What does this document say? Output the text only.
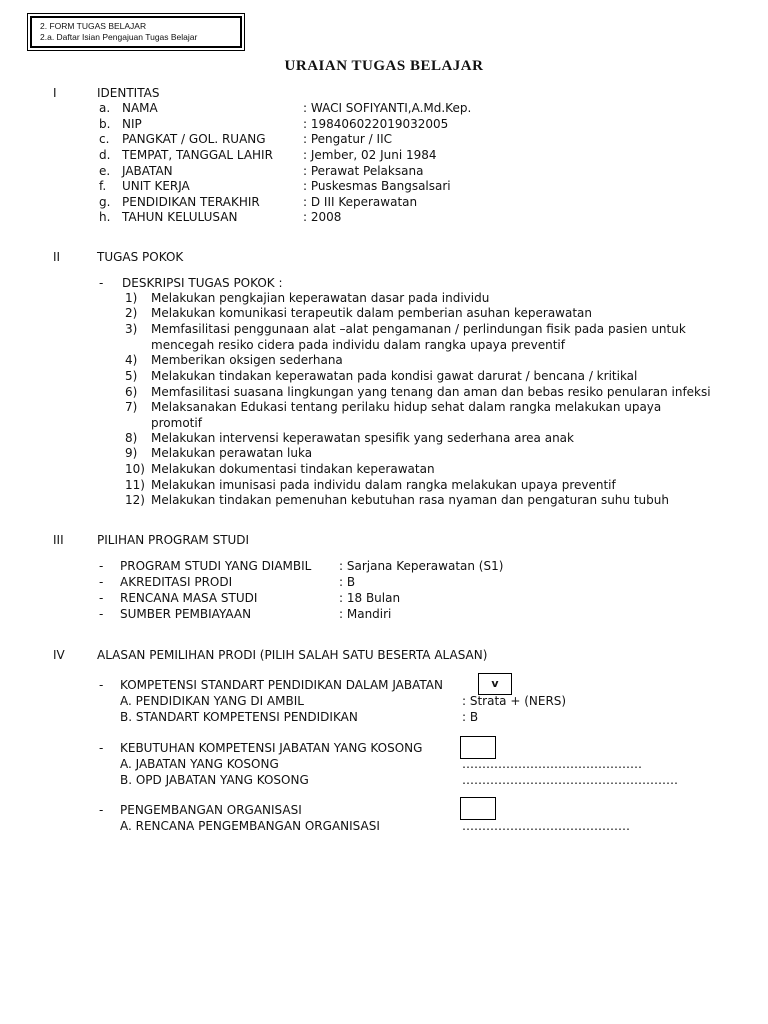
2. FORM TUGAS BELAJAR
2.a. Daftar Isian Pengajuan Tugas Belajar
URAIAN TUGAS BELAJAR
I	IDENTITAS
a. NAMA	: WACI SOFIYANTI,A.Md.Kep.
b. NIP	: 198406022019032005
c. PANGKAT / GOL. RUANG	: Pengatur / IIC
d. TEMPAT, TANGGAL LAHIR	: Jember, 02 Juni 1984
e. JABATAN	: Perawat Pelaksana
f. UNIT KERJA	: Puskesmas Bangsalsari
g. PENDIDIKAN TERAKHIR	: D III Keperawatan
h. TAHUN KELULUSAN	: 2008
II	TUGAS POKOK
- DESKRIPSI TUGAS POKOK :
1) Melakukan pengkajian keperawatan dasar pada individu
2) Melakukan komunikasi terapeutik dalam pemberian asuhan keperawatan
3) Memfasilitasi penggunaan alat –alat pengamanan / perlindungan fisik pada pasien untuk
mencegah resiko cidera pada individu dalam rangka upaya preventif
4) Memberikan oksigen sederhana
5) Melakukan tindakan keperawatan pada kondisi gawat darurat / bencana / kritikal
6) Memfasilitasi suasana lingkungan yang tenang dan aman dan bebas resiko penularan infeksi
7) Melaksanakan Edukasi tentang perilaku hidup sehat dalam rangka melakukan upaya
promotif
8) Melakukan intervensi keperawatan spesifik yang sederhana area anak
9) Melakukan perawatan luka
10) Melakukan dokumentasi tindakan keperawatan
11) Melakukan imunisasi pada individu dalam rangka melakukan upaya preventif
12) Melakukan tindakan pemenuhan kebutuhan rasa nyaman dan pengaturan suhu tubuh
III	PILIHAN PROGRAM STUDI
- PROGRAM STUDI YANG DIAMBIL : Sarjana Keperawatan (S1)
- AKREDITASI PRODI	: B
- RENCANA MASA STUDI	: 18 Bulan
- SUMBER PEMBIAYAAN	: Mandiri
IV	ALASAN PEMILIHAN PRODI (PILIH SALAH SATU BESERTA ALASAN)
- KOMPETENSI STANDART PENDIDIKAN DALAM JABATAN	v
A. PENDIDIKAN YANG DI AMBIL	: Strata + (NERS)
B. STANDART KOMPETENSI PENDIDIKAN	: B
- KEBUTUHAN KOMPETENSI JABATAN YANG KOSONG
A. JABATAN YANG KOSONG	………………………………………
B. OPD JABATAN YANG KOSONG	………………………………………………
- PENGEMBANGAN ORGANISASI
A. RENCANA PENGEMBANGAN ORGANISASI	……………………………………
